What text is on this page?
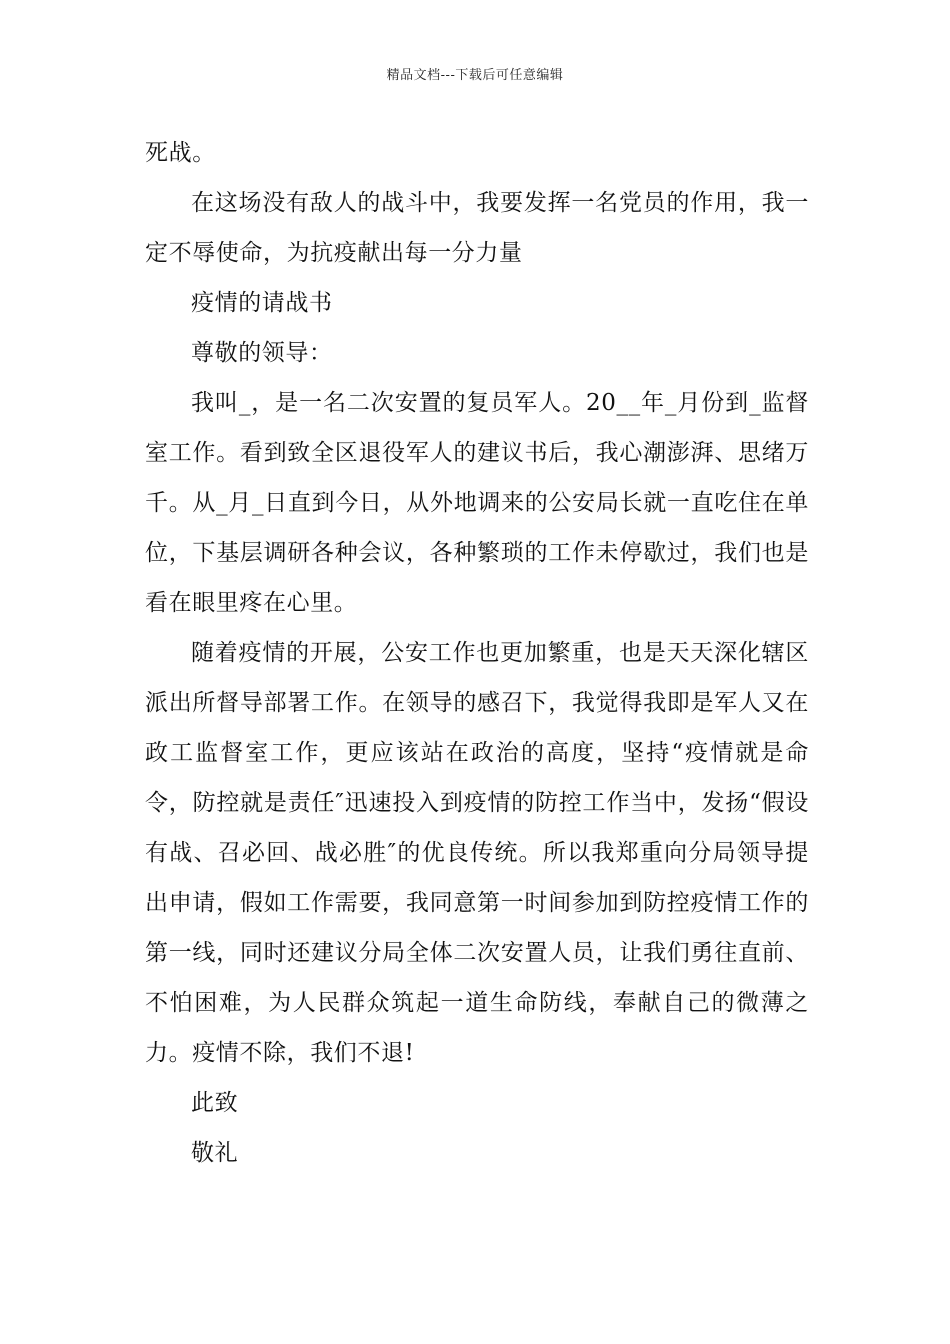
精品文档---下载后可任意编辑

死战。

在这场没有敌人的战斗中，我要发挥一名党员的作用，我一定不辱使命，为抗疫献出每一分力量

疫情的请战书

尊敬的领导：

我叫_，是一名二次安置的复员军人。20__年_月份到_监督室工作。看到致全区退役军人的建议书后，我心潮澎湃、思绪万千。从_月_日直到今日，从外地调来的公安局长就一直吃住在单位，下基层调研各种会议，各种繁琐的工作未停歇过，我们也是看在眼里疼在心里。

随着疫情的开展，公安工作也更加繁重，也是天天深化辖区派出所督导部署工作。在领导的感召下，我觉得我即是军人又在政工监督室工作，更应该站在政治的高度，坚持“疫情就是命令，防控就是责任″迅速投入到疫情的防控工作当中，发扬“假设有战、召必回、战必胜″的优良传统。所以我郑重向分局领导提出申请，假如工作需要，我同意第一时间参加到防控疫情工作的第一线，同时还建议分局全体二次安置人员，让我们勇往直前、不怕困难，为人民群众筑起一道生命防线，奉献自己的微薄之力。疫情不除，我们不退!

此致

敬礼
